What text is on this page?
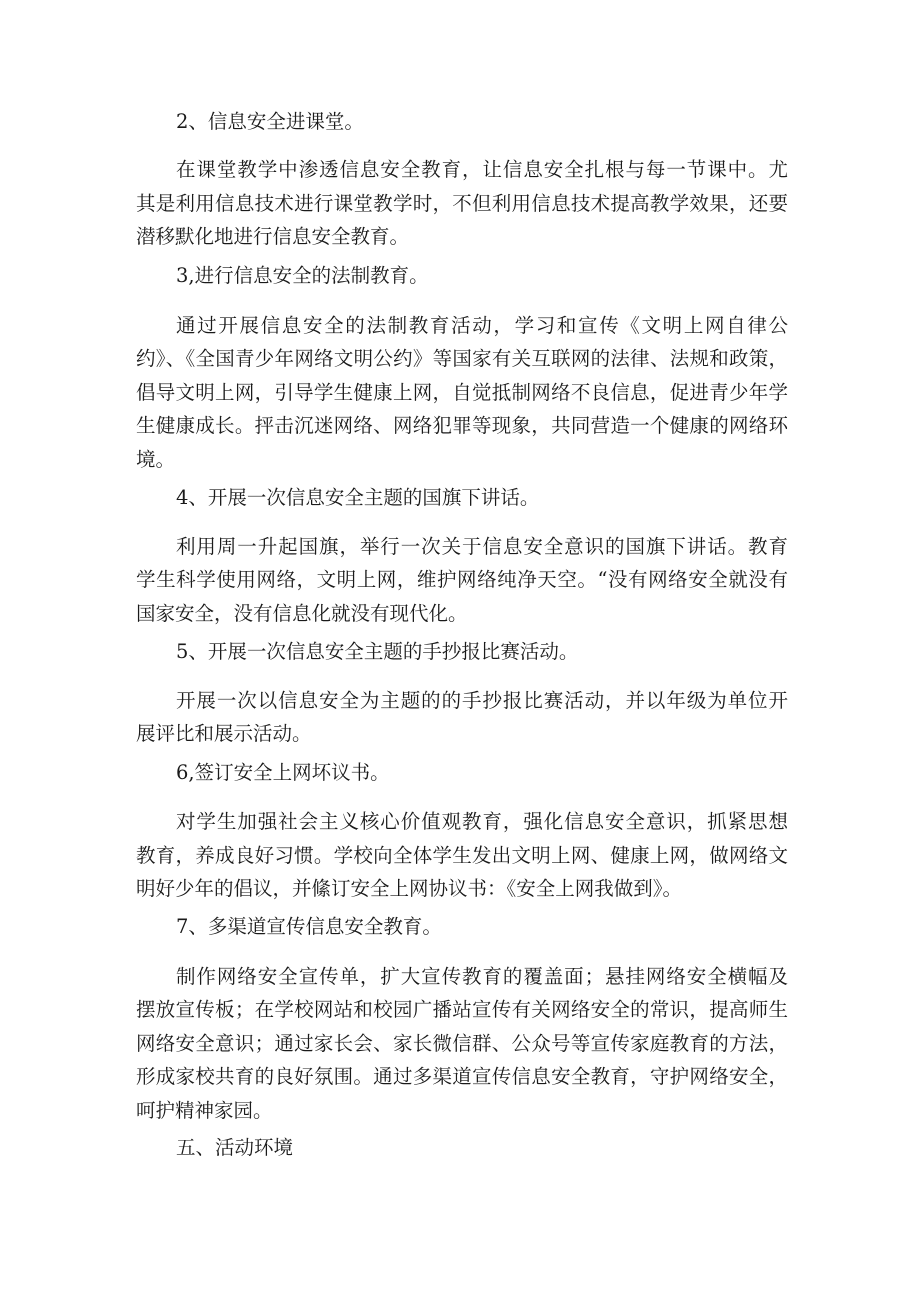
2、信息安全进课堂。

在课堂教学中渗透信息安全教育，让信息安全扎根与每一节课中。尤

其是利用信息技术进行课堂教学时，不但利用信息技术提高教学效果，还要

潜移默化地进行信息安全教育。

3,进行信息安全的法制教育。

通过开展信息安全的法制教育活动，学习和宣传《文明上网自律公

约》、《全国青少年网络文明公约》等国家有关互联网的法律、法规和政策，

倡导文明上网，引导学生健康上网，自觉抵制网络不良信息，促进青少年学

生健康成长。抨击沉迷网络、网络犯罪等现象，共同营造一个健康的网络环

境。

4、开展一次信息安全主题的国旗下讲话。

利用周一升起国旗，举行一次关于信息安全意识的国旗下讲话。教育

学生科学使用网络，文明上网，维护网络纯净天空。“没有网络安全就没有

国家安全，没有信息化就没有现代化。

5、开展一次信息安全主题的手抄报比赛活动。

开展一次以信息安全为主题的的手抄报比赛活动，并以年级为单位开

展评比和展示活动。

6,签订安全上网坏议书。

对学生加强社会主义核心价值观教育，强化信息安全意识，抓紧思想

教育，养成良好习惯。学校向全体学生发出文明上网、健康上网，做网络文

明好少年的倡议，并絛订安全上网协议书：《安全上网我做到》。

7、多渠道宣传信息安全教育。

制作网络安全宣传单，扩大宣传教育的覆盖面；悬挂网络安全横幅及

摆放宣传板；在学校网站和校园广播站宣传有关网络安全的常识，提高师生

网络安全意识；通过家长会、家长微信群、公众号等宣传家庭教育的方法，

形成家校共育的良好氛围。通过多渠道宣传信息安全教育，守护网络安全，

呵护精神家园。

五、活动环境
